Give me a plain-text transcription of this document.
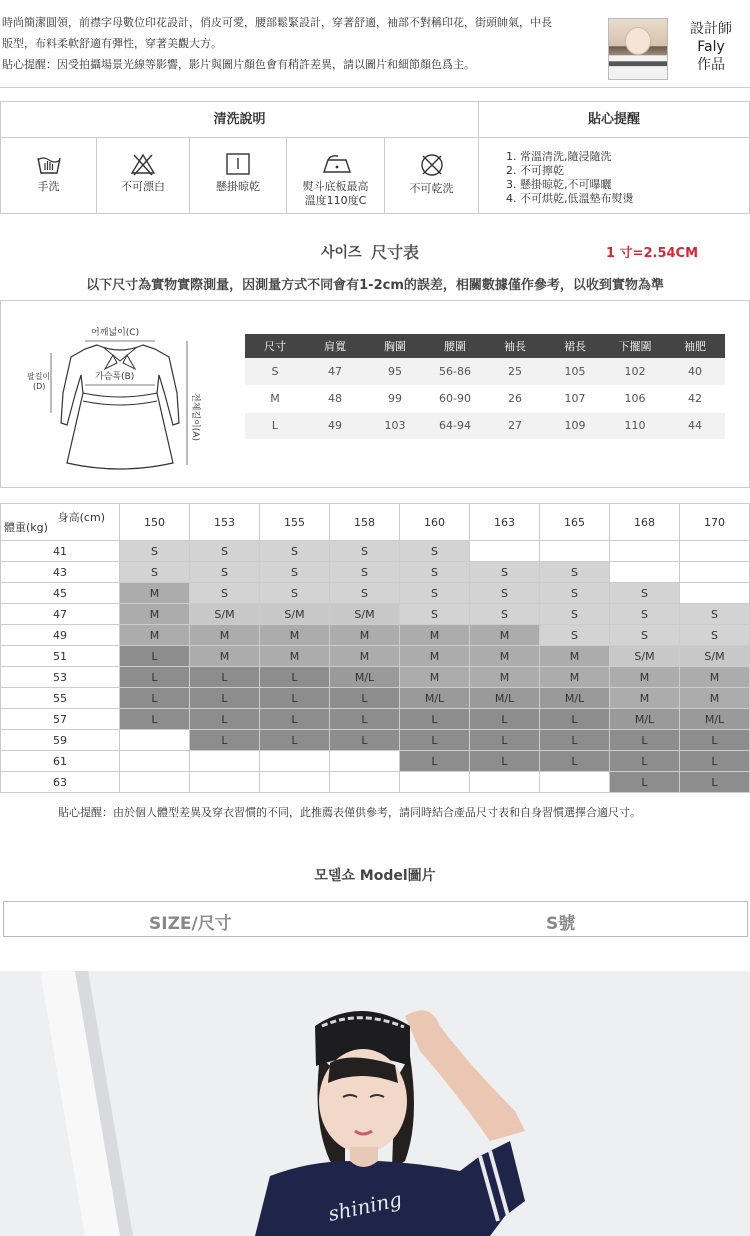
時尚簡潔圓領，前襟字母數位印花設計，俏皮可愛，腰部鬆緊設計，穿著舒適，袖部不對稱印花，街頭帥氣，中長

版型，布料柔軟舒適有彈性，穿著美觀大方。

貼心提醒：因受拍攝場景光線等影響，影片與圖片顏色會有稍許差異，請以圖片和細節顏色爲主。

設計師
Faly
作品
清洗說明	貼心提醒
手洗	不可漂白	懸掛晾乾	熨斗底板最高
溫度110度C
不可乾洗
1. 常溫清洗,隨浸隨洗
2. 不可擰乾
3. 懸掛晾乾,不可曝曬
4. 不可烘乾,低溫墊布熨燙
사이즈 尺寸表	1 寸=2.54CM
以下尺寸為實物實際測量，因測量方式不同會有1-2cm的誤差，相關數據僅作參考，以收到實物為準
어깨넓이(C)
가슴폭(B)
팔길이
(D)
전체길이(A)
尺寸	肩寬	胸圍	腰圍	袖長	裙長	下擺圍	袖肥
S	47	95	56-86	25	105	102	40
M	48	99	60-90	26	107	106	42
L	49	103	64-94	27	109	110	44
身高(cm)
體重(kg)	150	153	155	158	160	163	165	168	170
41	S	S	S	S	S				
43	S	S	S	S	S	S	S		
45	M	S	S	S	S	S	S	S	
47	M	S/M	S/M	S/M	S	S	S	S	S
49	M	M	M	M	M	M	S	S	S
51	L	M	M	M	M	M	M	S/M	S/M
53	L	L	L	M/L	M	M	M	M	M
55	L	L	L	L	M/L	M/L	M/L	M	M
57	L	L	L	L	L	L	L	M/L	M/L
59		L	L	L	L	L	L	L	L
61					L	L	L	L	L
63								L	L
貼心提醒：由於個人體型差異及穿衣習慣的不同，此推薦表僅供參考，請同時結合產品尺寸表和自身習慣選擇合適尺寸。
모델쇼 Model圖片
SIZE/尺寸	S號
shining
